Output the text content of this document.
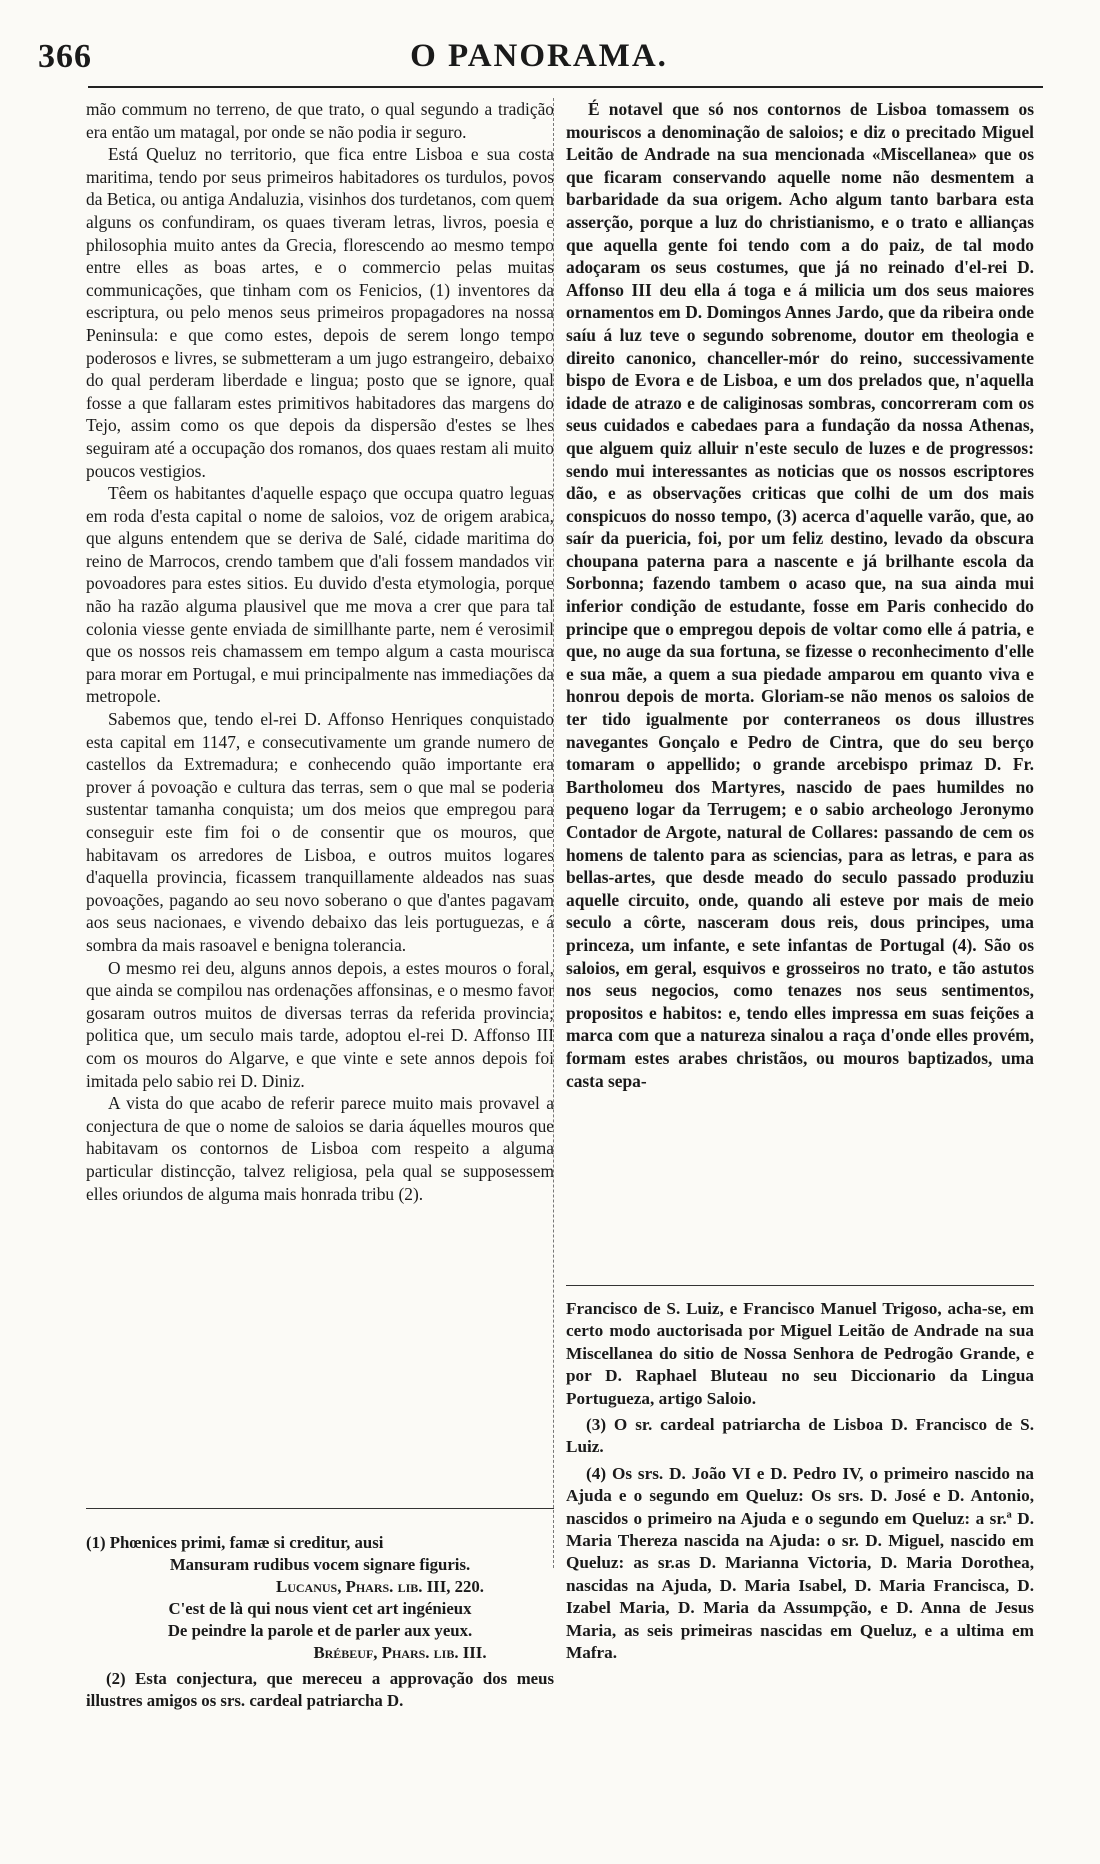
366	O PANORAMA.

mão commum no terreno, de que trato, o qual segundo a tradição era então um matagal, por onde se não podia ir seguro.

Está Queluz no territorio, que fica entre Lisboa e sua costa maritima, tendo por seus primeiros habitadores os turdulos, povos da Betica, ou antiga Andaluzia, visinhos dos turdetanos, com quem alguns os confundiram, os quaes tiveram letras, livros, poesia e philosophia muito antes da Grecia, florescendo ao mesmo tempo entre elles as boas artes, e o commercio pelas muitas communicações, que tinham com os Fenicios, (1) inventores da escriptura, ou pelo menos seus primeiros propagadores na nossa Peninsula: e que como estes, depois de serem longo tempo poderosos e livres, se submetteram a um jugo estrangeiro, debaixo do qual perderam liberdade e lingua; posto que se ignore, qual fosse a que fallaram estes primitivos habitadores das margens do Tejo, assim como os que depois da dispersão d'estes se lhes seguiram até a occupação dos romanos, dos quaes restam ali muito poucos vestigios.

Têem os habitantes d'aquelle espaço que occupa quatro leguas em roda d'esta capital o nome de saloios, voz de origem arabica, que alguns entendem que se deriva de Salé, cidade maritima do reino de Marrocos, crendo tambem que d'ali fossem mandados vir povoadores para estes sitios. Eu duvido d'esta etymologia, porque não ha razão alguma plausivel que me mova a crer que para tal colonia viesse gente enviada de simillhante parte, nem é verosimil que os nossos reis chamassem em tempo algum a casta mourisca para morar em Portugal, e mui principalmente nas immediações da metropole.

Sabemos que, tendo el-rei D. Affonso Henriques conquistado esta capital em 1147, e consecutivamente um grande numero de castellos da Extremadura; e conhecendo quão importante era prover á povoação e cultura das terras, sem o que mal se poderia sustentar tamanha conquista; um dos meios que empregou para conseguir este fim foi o de consentir que os mouros, que habitavam os arredores de Lisboa, e outros muitos logares d'aquella provincia, ficassem tranquillamente aldeados nas suas povoações, pagando ao seu novo soberano o que d'antes pagavam aos seus nacionaes, e vivendo debaixo das leis portuguezas, e á sombra da mais rasoavel e benigna tolerancia.

O mesmo rei deu, alguns annos depois, a estes mouros o foral, que ainda se compilou nas ordenações affonsinas, e o mesmo favor gosaram outros muitos de diversas terras da referida provincia; politica que, um seculo mais tarde, adoptou el-rei D. Affonso III com os mouros do Algarve, e que vinte e sete annos depois foi imitada pelo sabio rei D. Diniz.

A vista do que acabo de referir parece muito mais provavel a conjectura de que o nome de saloios se daria áquelles mouros que habitavam os contornos de Lisboa com respeito a alguma particular distincção, talvez religiosa, pela qual se supposessem elles oriundos de alguma mais honrada tribu (2).

É notavel que só nos contornos de Lisboa tomassem os mouriscos a denominação de saloios; e diz o precitado Miguel Leitão de Andrade na sua mencionada «Miscellanea» que os que ficaram conservando aquelle nome não desmentem a barbaridade da sua origem. Acho algum tanto barbara esta asserção, porque a luz do christianismo, e o trato e allianças que aquella gente foi tendo com a do paiz, de tal modo adoçaram os seus costumes, que já no reinado d'el-rei D. Affonso III deu ella á toga e á milicia um dos seus maiores ornamentos em D. Domingos Annes Jardo, que da ribeira onde saíu á luz teve o segundo sobrenome, doutor em theologia e direito canonico, chanceller-mór do reino, successivamente bispo de Evora e de Lisboa, e um dos prelados que, n'aquella idade de atrazo e de caliginosas sombras, concorreram com os seus cuidados e cabedaes para a fundação da nossa Athenas, que alguem quiz alluir n'este seculo de luzes e de progressos: sendo mui interessantes as noticias que os nossos escriptores dão, e as observações criticas que colhi de um dos mais conspicuos do nosso tempo, (3) acerca d'aquelle varão, que, ao saír da puericia, foi, por um feliz destino, levado da obscura choupana paterna para a nascente e já brilhante escola da Sorbonna; fazendo tambem o acaso que, na sua ainda mui inferior condição de estudante, fosse em Paris conhecido do principe que o empregou depois de voltar como elle á patria, e que, no auge da sua fortuna, se fizesse o reconhecimento d'elle e sua mãe, a quem a sua piedade amparou em quanto viva e honrou depois de morta. Gloriam-se não menos os saloios de ter tido igualmente por conterraneos os dous illustres navegantes Gonçalo e Pedro de Cintra, que do seu berço tomaram o appellido; o grande arcebispo primaz D. Fr. Bartholomeu dos Martyres, nascido de paes humildes no pequeno logar da Terrugem; e o sabio archeologo Jeronymo Contador de Argote, natural de Collares: passando de cem os homens de talento para as sciencias, para as letras, e para as bellas-artes, que desde meado do seculo passado produziu aquelle circuito, onde, quando ali esteve por mais de meio seculo a côrte, nasceram dous reis, dous principes, uma princeza, um infante, e sete infantas de Portugal (4). São os saloios, em geral, esquivos e grosseiros no trato, e tão astutos nos seus negocios, como tenazes nos seus sentimentos, propositos e habitos: e, tendo elles impressa em suas feições a marca com que a natureza sinalou a raça d'onde elles provém, formam estes arabes christãos, ou mouros baptizados, uma casta sepa-

(1) Phœnices primi, famæ si creditur, ausi

Mansuram rudibus vocem signare figuris.

Lucanus, Phars. lib. III, 220.

C'est de là qui nous vient cet art ingénieux

De peindre la parole et de parler aux yeux.

Brébeuf, Phars. lib. III.

(2) Esta conjectura, que mereceu a approvação dos meus illustres amigos os srs. cardeal patriarcha D.

Francisco de S. Luiz, e Francisco Manuel Trigoso, acha-se, em certo modo auctorisada por Miguel Leitão de Andrade na sua Miscellanea do sitio de Nossa Senhora de Pedrogão Grande, e por D. Raphael Bluteau no seu Diccionario da Lingua Portugueza, artigo Saloio.

(3) O sr. cardeal patriarcha de Lisboa D. Francisco de S. Luiz.

(4) Os srs. D. João VI e D. Pedro IV, o primeiro nascido na Ajuda e o segundo em Queluz: Os srs. D. José e D. Antonio, nascidos o primeiro na Ajuda e o segundo em Queluz: a sr.ª D. Maria Thereza nascida na Ajuda: o sr. D. Miguel, nascido em Queluz: as sr.as D. Marianna Victoria, D. Maria Dorothea, nascidas na Ajuda, D. Maria Isabel, D. Maria Francisca, D. Izabel Maria, D. Maria da Assumpção, e D. Anna de Jesus Maria, as seis primeiras nascidas em Queluz, e a ultima em Mafra.
